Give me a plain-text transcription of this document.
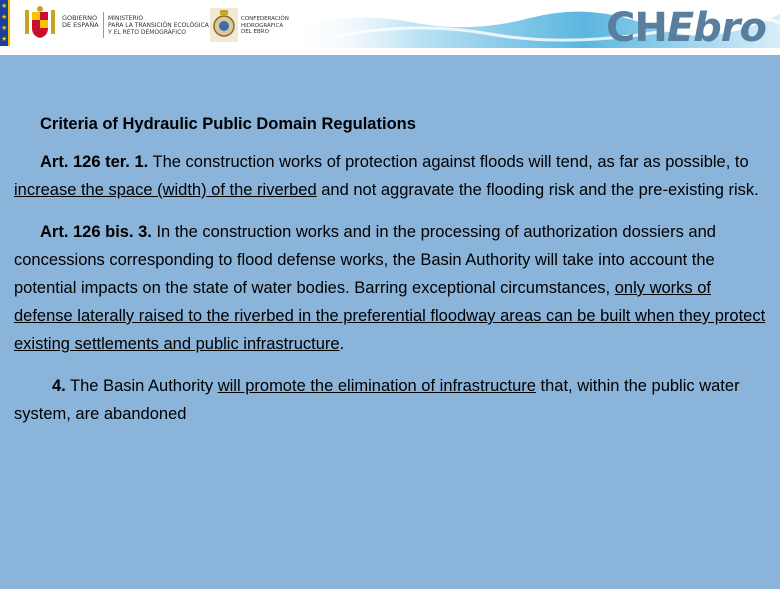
★ ★ ★ ★
GOBIERNO
DE ESPAÑA
MINISTERIO
PARA LA TRANSICIÓN ECOLÓGICA
Y EL RETO DEMOGRÁFICO
CONFEDERACIÓN
HIDROGRÁFICA
DEL EBRO	CHEbro
Criteria of Hydraulic Public Domain Regulations

Art. 126 ter. 1. The construction works of protection against floods will tend, as far as possible, to increase the space (width) of the riverbed and not aggravate the flooding risk and the pre-existing risk.

Art. 126 bis. 3. In the construction works and in the processing of authorization dossiers and concessions corresponding to flood defense works, the Basin Authority will take into account the potential impacts on the state of water bodies. Barring exceptional circumstances, only works of defense laterally raised to the riverbed in the preferential floodway areas can be built when they protect existing settlements and public infrastructure.

4. The Basin Authority will promote the elimination of infrastructure that, within the public water system, are abandoned
